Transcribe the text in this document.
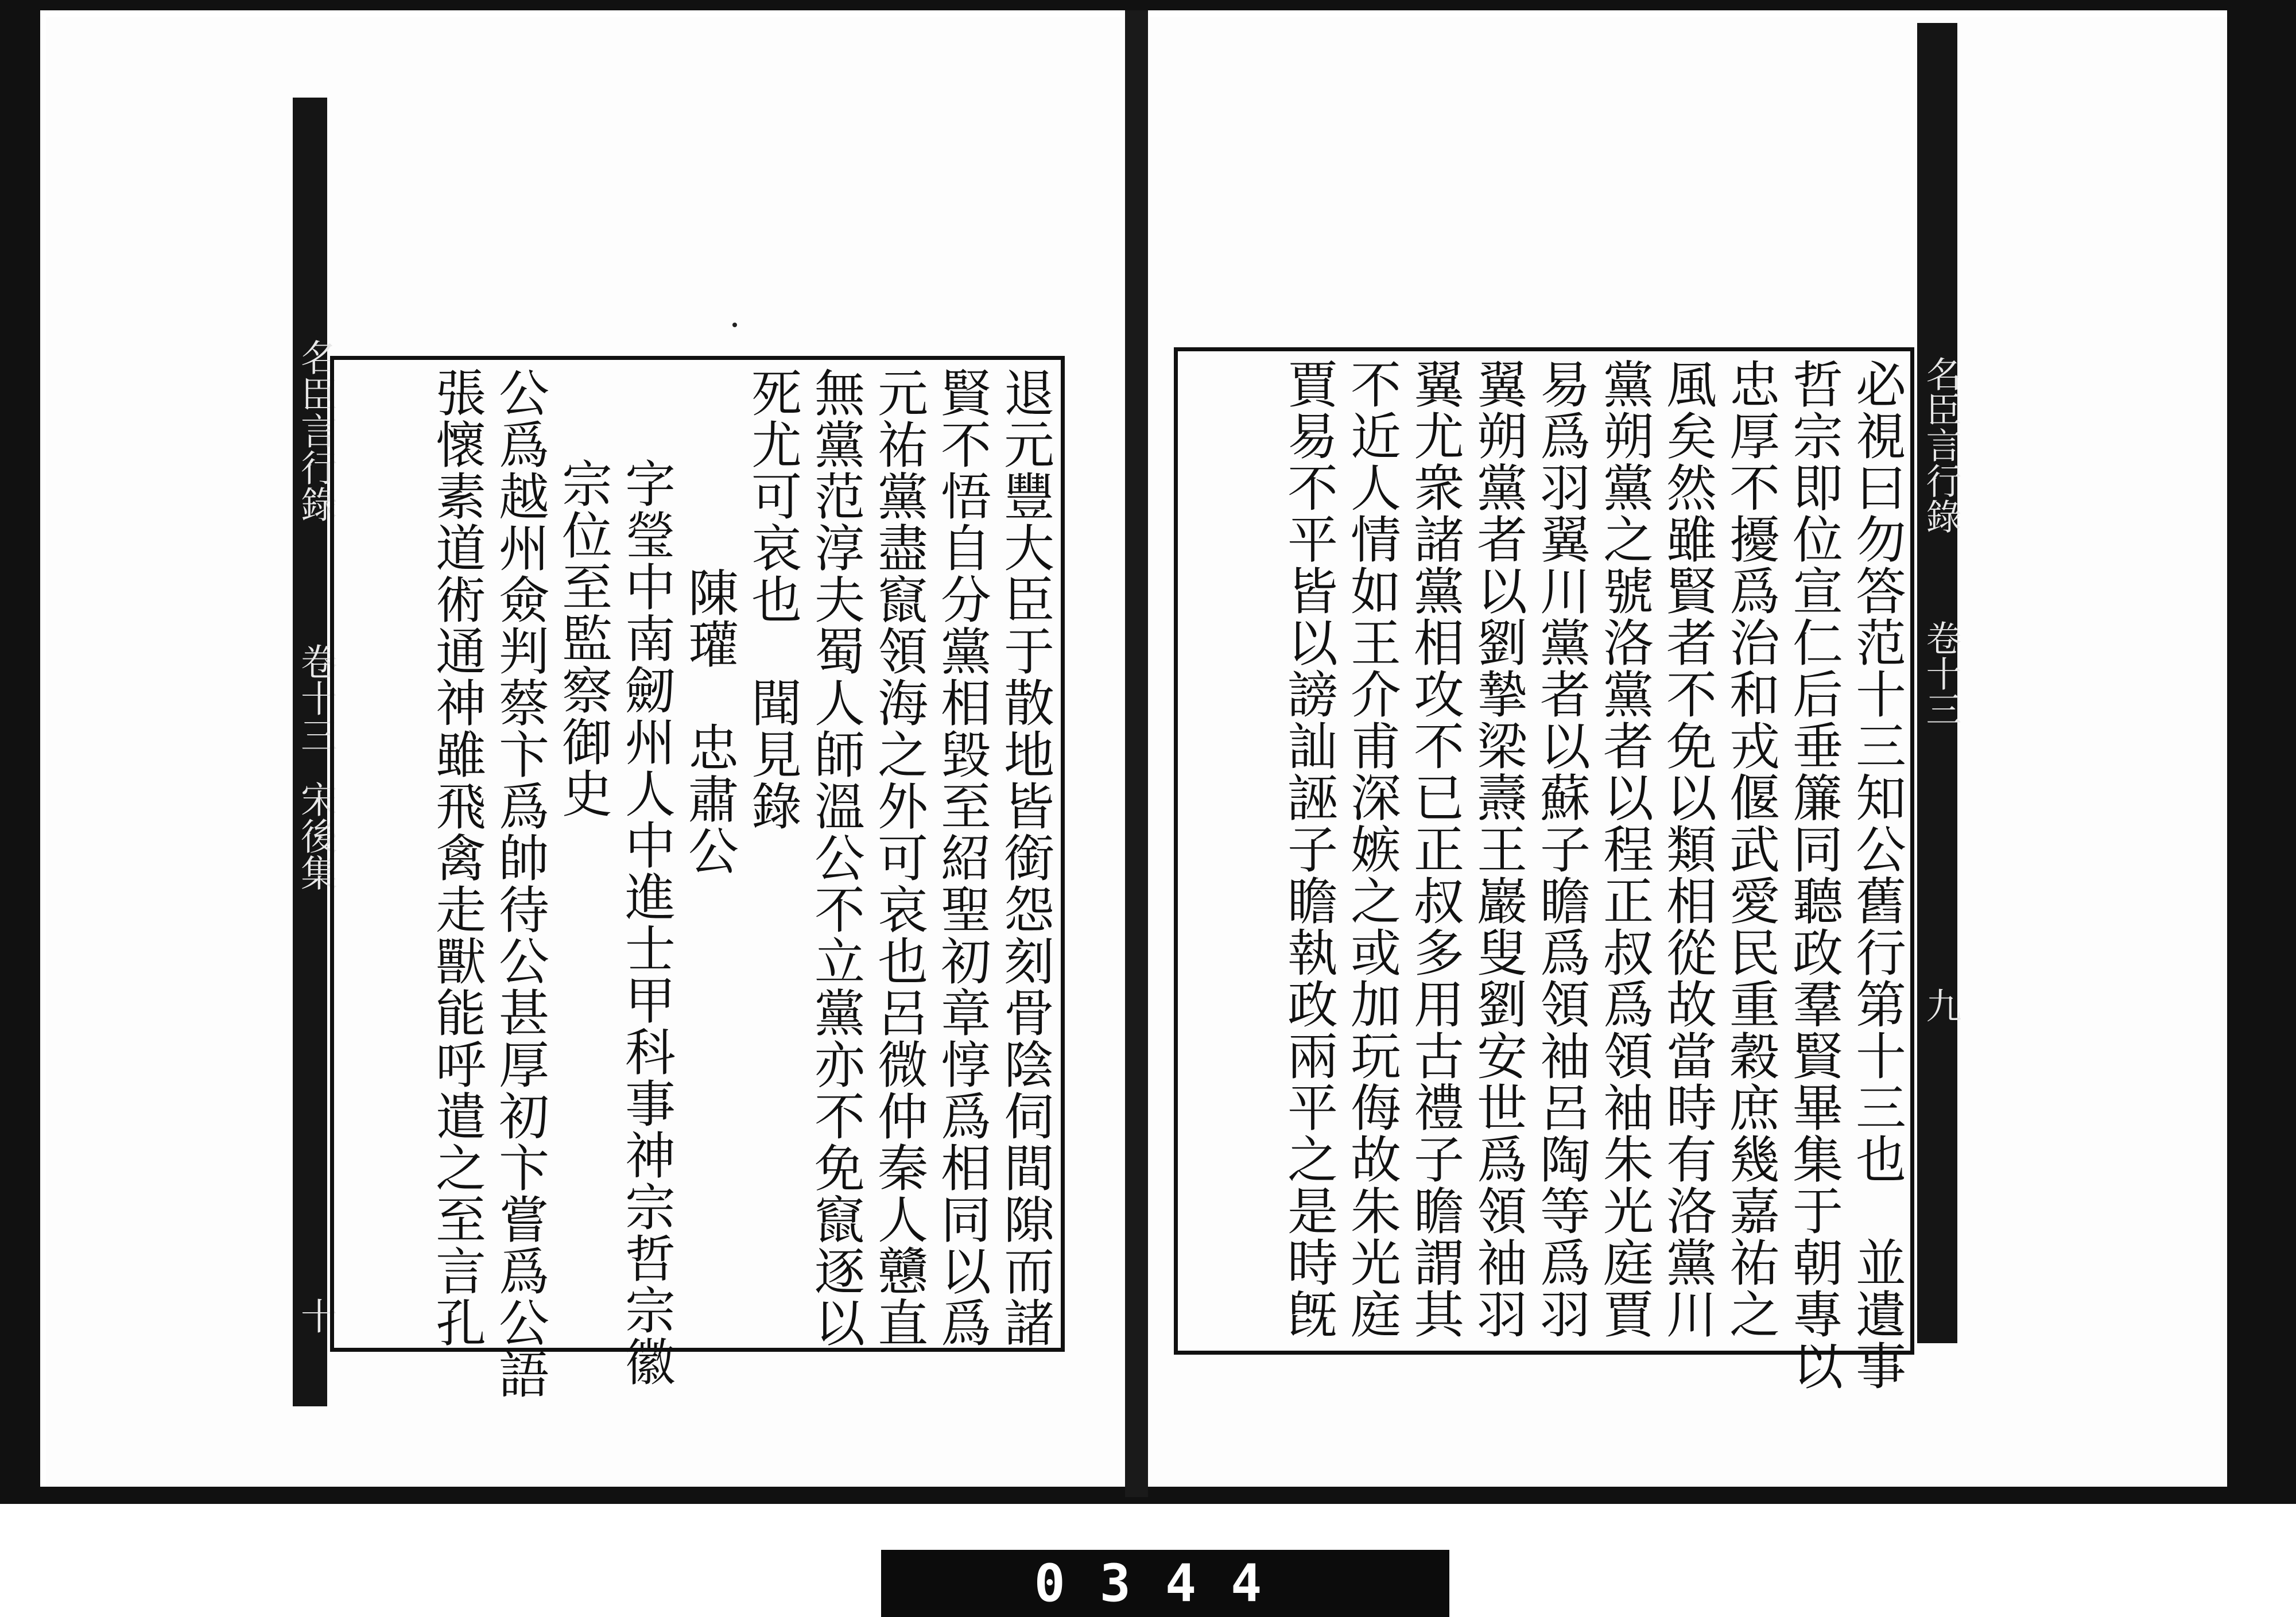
名臣言行錄
卷十三
宋後集
十
名臣言行錄
卷十三
九
退元豐大臣于散地皆銜怨刻骨陰伺間隙而諸
賢不悟自分黨相毀至紹聖初章惇爲相同以爲
元祐黨盡竄領海之外可哀也呂微仲秦人戇直
無黨范淳夫蜀人師溫公不立黨亦不免竄逐以
死尤可哀也　聞見錄
陳瓘　忠肅公
字瑩中南劒州人中進士甲科事神宗哲宗徽
宗位至監察御史
公爲越州僉判蔡卞爲帥待公甚厚初卞嘗爲公語
張懷素道術通神雖飛禽走獸能呼遣之至言孔	必視曰勿答范十三知公舊行第十三也　並遺事
哲宗即位宣仁后垂簾同聽政羣賢畢集于朝專以
忠厚不擾爲治和戎偃武愛民重穀庶幾嘉祐之
風矣然雖賢者不免以類相從故當時有洛黨川
黨朔黨之號洛黨者以程正叔爲領袖朱光庭賈
易爲羽翼川黨者以蘇子瞻爲領袖呂陶等爲羽
翼朔黨者以劉摯梁燾王巖叟劉安世爲領袖羽
翼尤衆諸黨相攻不已正叔多用古禮子瞻謂其
不近人情如王介甫深嫉之或加玩侮故朱光庭
賈易不平皆以謗訕誣子瞻執政兩平之是時旣
0344
